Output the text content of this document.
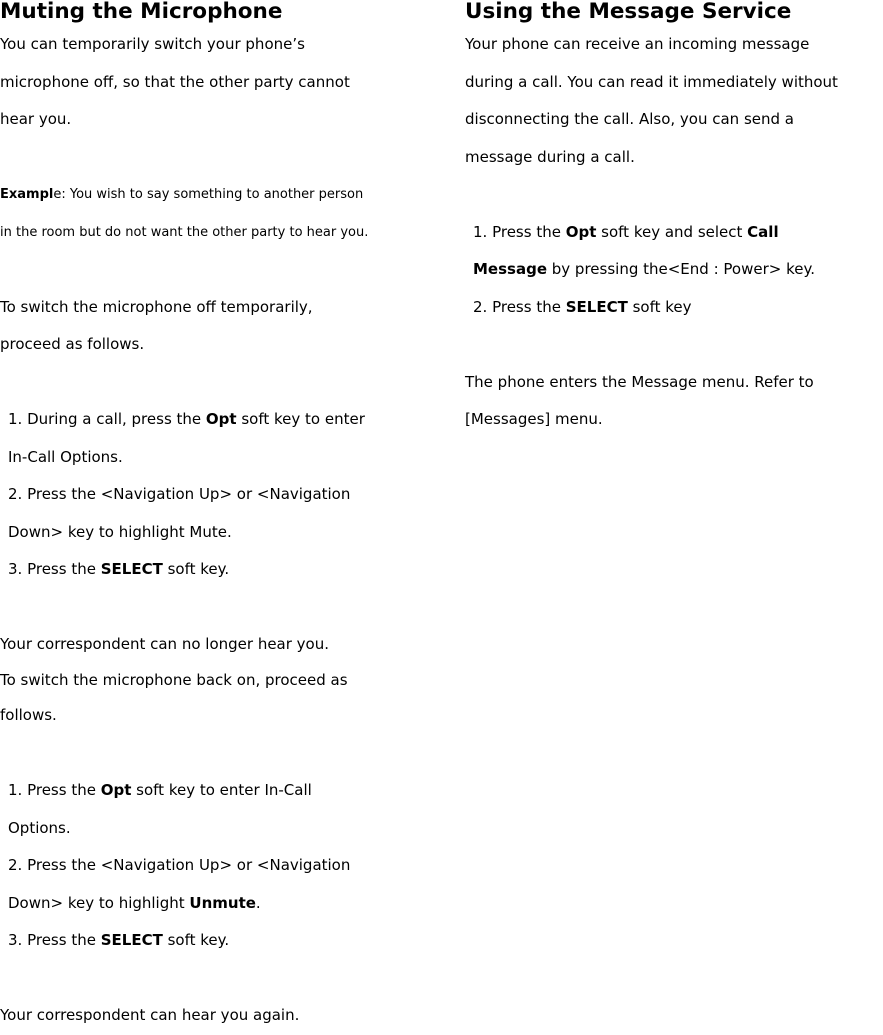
Muting the Microphone

You can temporarily switch your phone’s

microphone off, so that the other party cannot

hear you.

Example: You wish to say something to another person

in the room but do not want the other party to hear you.

To switch the microphone off temporarily,

proceed as follows.

1. During a call, press the Opt soft key to enter
In-Call Options.
2. Press the <Navigation Up> or <Navigation
Down> key to highlight Mute.
3. Press the SELECT soft key.

Your correspondent can no longer hear you.

To switch the microphone back on, proceed as

follows.

1. Press the Opt soft key to enter In-Call
Options.
2. Press the <Navigation Up> or <Navigation
Down> key to highlight Unmute.
3. Press the SELECT soft key.

Your correspondent can hear you again.

Using the Message Service

Your phone can receive an incoming message

during a call. You can read it immediately without

disconnecting the call. Also, you can send a

message during a call.

1. Press the Opt soft key and select Call
Message by pressing the<End : Power> key.
2. Press the SELECT soft key

The phone enters the Message menu. Refer to

[Messages] menu.
